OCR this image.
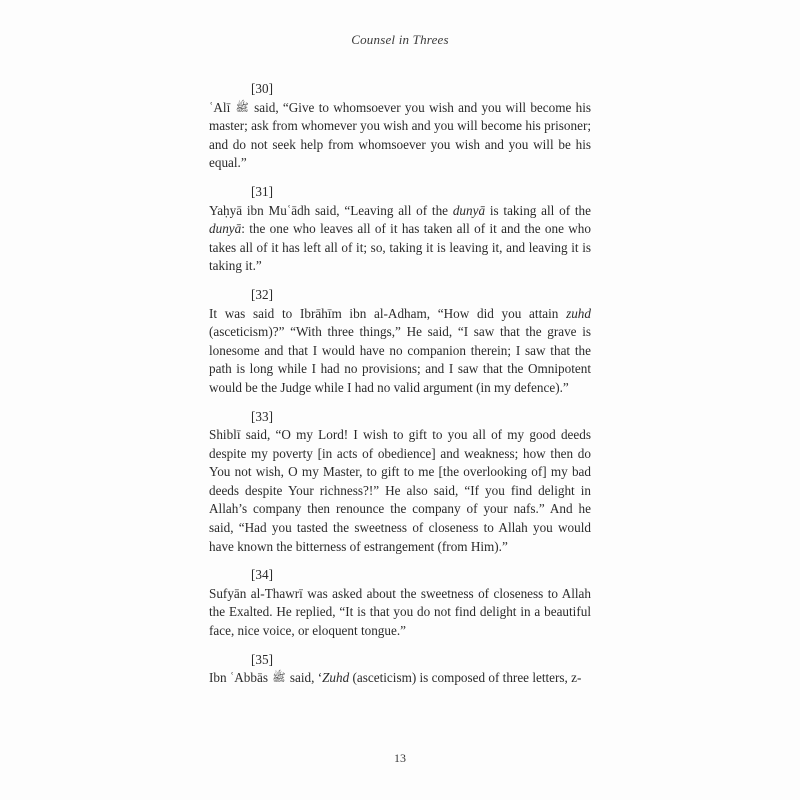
Counsel in Threes
[30]

ʿAlī ﷺ said, “Give to whomsoever you wish and you will become his master; ask from whomever you wish and you will become his prisoner; and do not seek help from whomsoever you wish and you will be his equal.”

[31]

Yaḥyā ibn Muʿādh said, “Leaving all of the dunyā is taking all of the dunyā: the one who leaves all of it has taken all of it and the one who takes all of it has left all of it; so, taking it is leaving it, and leaving it is taking it.”

[32]

It was said to Ibrāhīm ibn al-Adham, “How did you attain zuhd (asceticism)?” “With three things,” He said, “I saw that the grave is lonesome and that I would have no companion therein; I saw that the path is long while I had no provisions; and I saw that the Omnipotent would be the Judge while I had no valid argument (in my defence).”

[33]

Shiblī said, “O my Lord! I wish to gift to you all of my good deeds despite my poverty [in acts of obedience] and weakness; how then do You not wish, O my Master, to gift to me [the overlooking of] my bad deeds despite Your richness?!” He also said, “If you find delight in Allah’s company then renounce the company of your nafs.” And he said, “Had you tasted the sweetness of closeness to Allah you would have known the bitterness of estrangement (from Him).”

[34]

Sufyān al-Thawrī was asked about the sweetness of closeness to Allah the Exalted. He replied, “It is that you do not find delight in a beautiful face, nice voice, or eloquent tongue.”

[35]

Ibn ʿAbbās ﷺ said, ‘Zuhd (asceticism) is composed of three letters, z-

13
